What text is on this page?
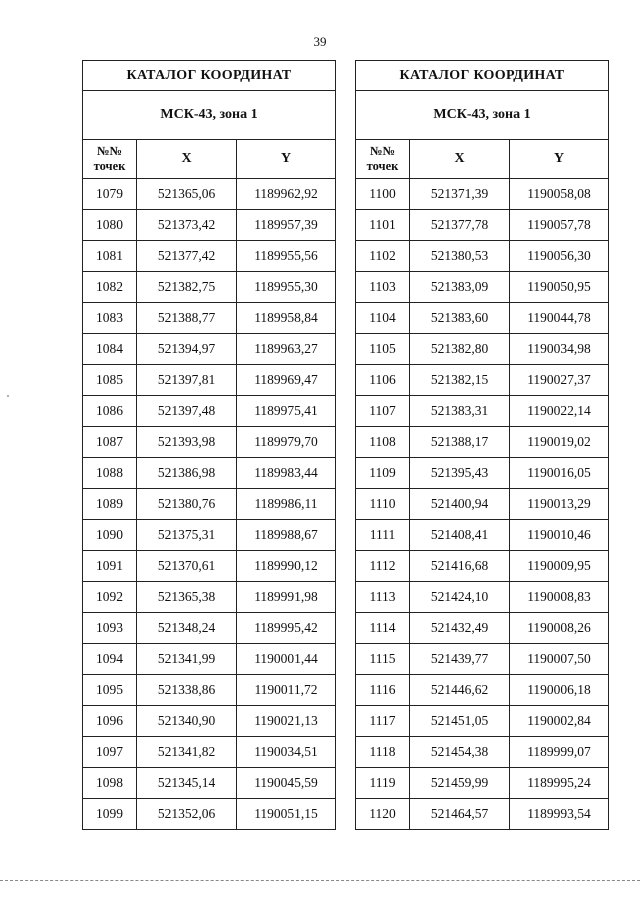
39
КАТАЛОГ КООРДИНАТ		
МСК-43, зона 1		
№№ точек	X	Y
1079	521365,06	1189962,92
1080	521373,42	1189957,39
1081	521377,42	1189955,56
1082	521382,75	1189955,30
1083	521388,77	1189958,84
1084	521394,97	1189963,27
1085	521397,81	1189969,47
1086	521397,48	1189975,41
1087	521393,98	1189979,70
1088	521386,98	1189983,44
1089	521380,76	1189986,11
1090	521375,31	1189988,67
1091	521370,61	1189990,12
1092	521365,38	1189991,98
1093	521348,24	1189995,42
1094	521341,99	1190001,44
1095	521338,86	1190011,72
1096	521340,90	1190021,13
1097	521341,82	1190034,51
1098	521345,14	1190045,59
1099	521352,06	1190051,15
КАТАЛОГ КООРДИНАТ		
МСК-43, зона 1		
№№ точек	X	Y
1100	521371,39	1190058,08
1101	521377,78	1190057,78
1102	521380,53	1190056,30
1103	521383,09	1190050,95
1104	521383,60	1190044,78
1105	521382,80	1190034,98
1106	521382,15	1190027,37
1107	521383,31	1190022,14
1108	521388,17	1190019,02
1109	521395,43	1190016,05
1110	521400,94	1190013,29
1111	521408,41	1190010,46
1112	521416,68	1190009,95
1113	521424,10	1190008,83
1114	521432,49	1190008,26
1115	521439,77	1190007,50
1116	521446,62	1190006,18
1117	521451,05	1190002,84
1118	521454,38	1189999,07
1119	521459,99	1189995,24
1120	521464,57	1189993,54
